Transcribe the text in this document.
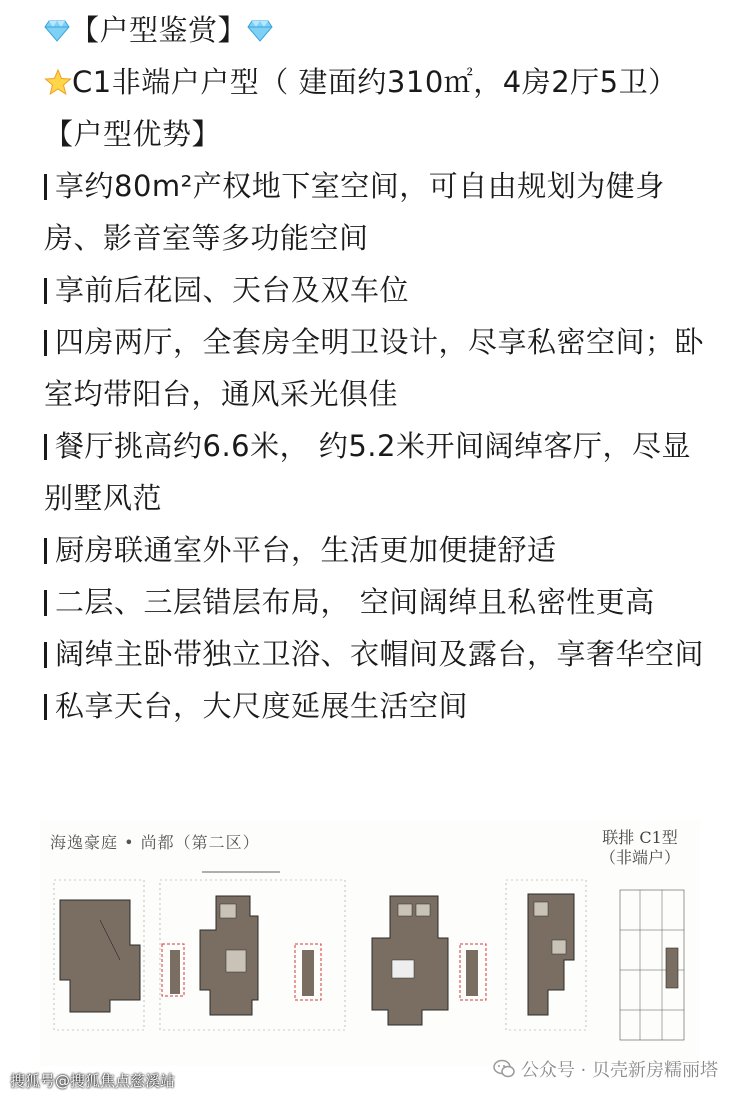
【户型鉴赏】
C1非端户户型（ 建面约310㎡，4房2厅5卫）
【户型优势】
享约80m²产权地下室空间，可自由规划为健身房、影音室等多功能空间
享前后花园、天台及双车位
四房两厅，全套房全明卫设计，尽享私密空间；卧室均带阳台，通风采光俱佳
餐厅挑高约6.6米， 约5.2米开间阔绰客厅，尽显别墅风范
厨房联通室外平台，生活更加便捷舒适
二层、三层错层布局， 空间阔绰且私密性更高
阔绰主卧带独立卫浴、衣帽间及露台，享奢华空间
私享天台，大尺度延展生活空间
海逸豪庭 • 尚都（第二区）	联排 C1型
（非端户）
搜狐号@搜狐焦点慈溪站	公众号 · 贝壳新房糯丽塔
